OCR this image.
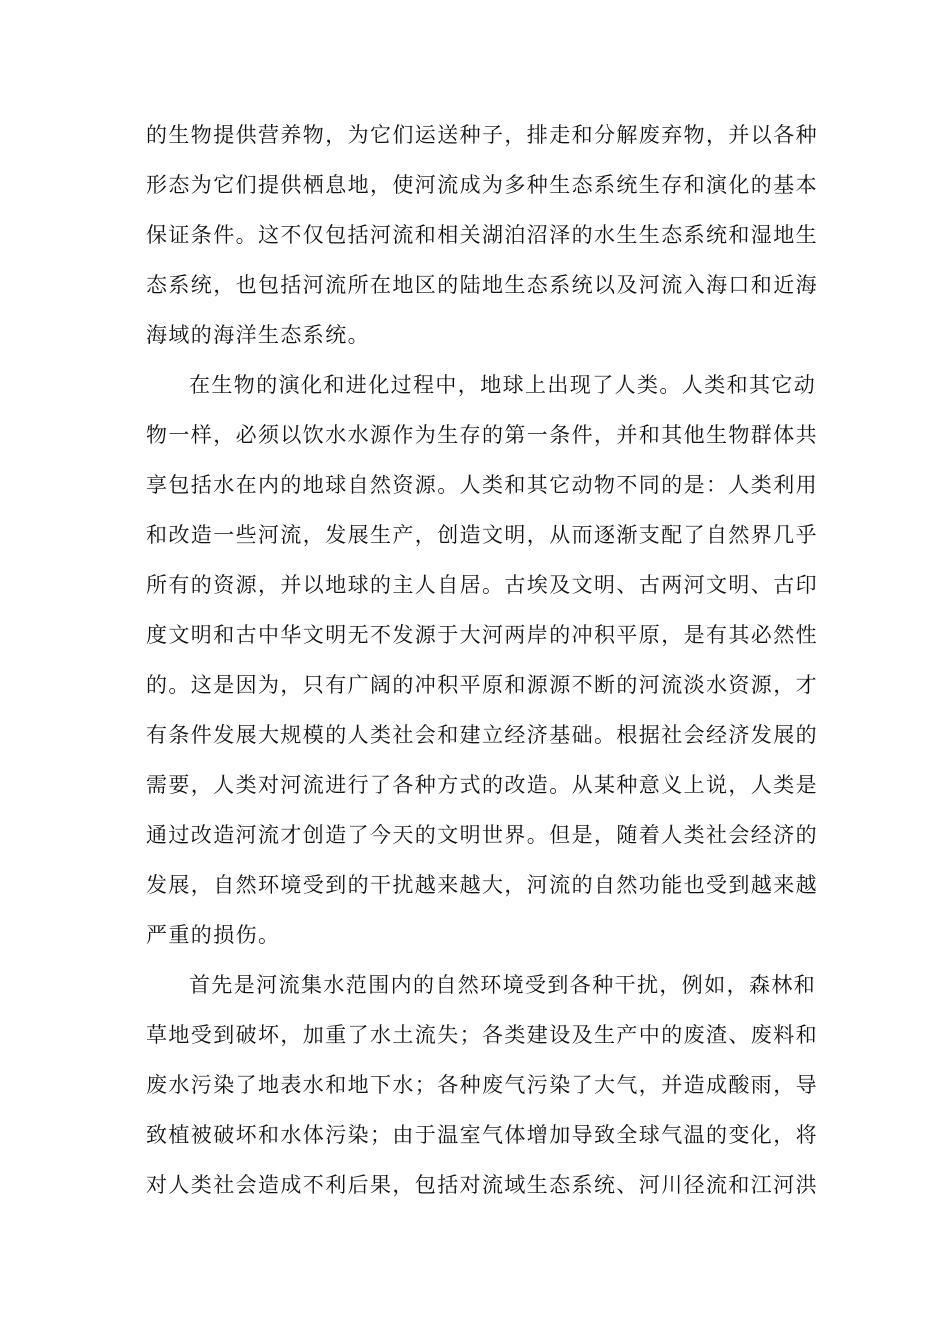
的生物提供营养物，为它们运送种子，排走和分解废弃物，并以各种
形态为它们提供栖息地，使河流成为多种生态系统生存和演化的基本
保证条件。这不仅包括河流和相关湖泊沼泽的水生生态系统和湿地生
态系统，也包括河流所在地区的陆地生态系统以及河流入海口和近海
海域的海洋生态系统。
在生物的演化和进化过程中，地球上出现了人类。人类和其它动
物一样，必须以饮水水源作为生存的第一条件，并和其他生物群体共
享包括水在内的地球自然资源。人类和其它动物不同的是：人类利用
和改造一些河流，发展生产，创造文明，从而逐渐支配了自然界几乎
所有的资源，并以地球的主人自居。古埃及文明、古两河文明、古印
度文明和古中华文明无不发源于大河两岸的冲积平原，是有其必然性
的。这是因为，只有广阔的冲积平原和源源不断的河流淡水资源，才
有条件发展大规模的人类社会和建立经济基础。根据社会经济发展的
需要，人类对河流进行了各种方式的改造。从某种意义上说，人类是
通过改造河流才创造了今天的文明世界。但是，随着人类社会经济的
发展，自然环境受到的干扰越来越大，河流的自然功能也受到越来越
严重的损伤。
首先是河流集水范围内的自然环境受到各种干扰，例如，森林和
草地受到破坏，加重了水土流失；各类建设及生产中的废渣、废料和
废水污染了地表水和地下水；各种废气污染了大气，并造成酸雨，导
致植被破坏和水体污染；由于温室气体增加导致全球气温的变化，将
对人类社会造成不利后果，包括对流域生态系统、河川径流和江河洪
